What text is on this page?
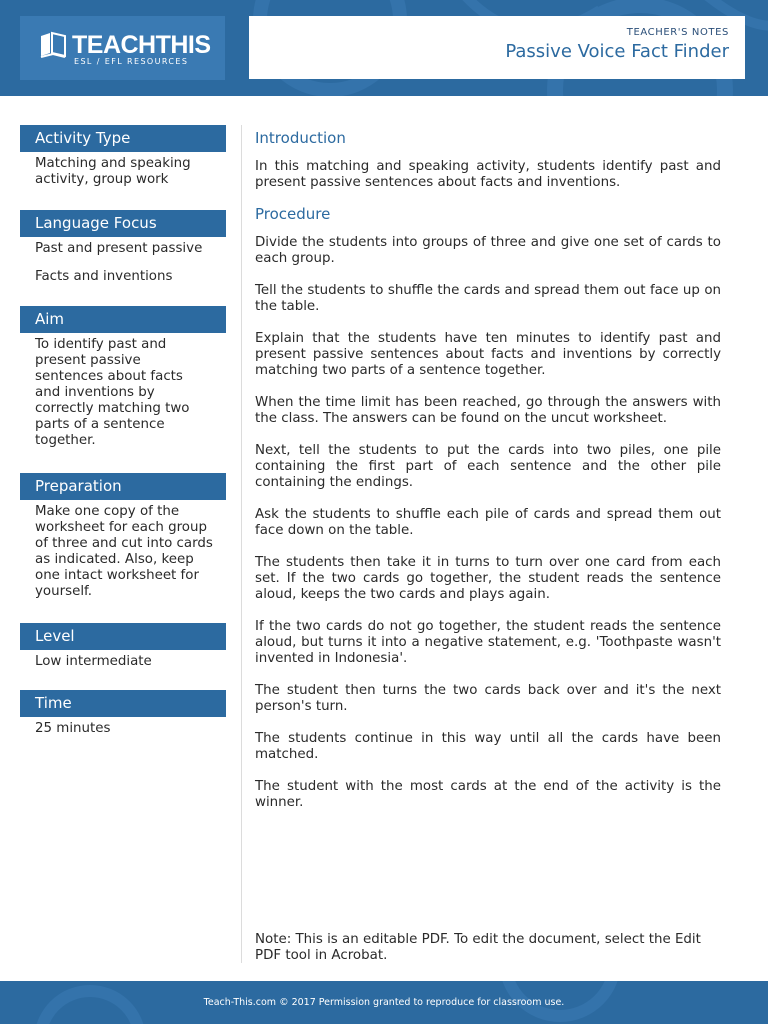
TEACHTHIS
ESL / EFL RESOURCES
TEACHER'S NOTES
Passive Voice Fact Finder
Activity Type
Matching and speaking activity, group work
Language Focus
Past and present passive
Facts and inventions
Aim
To identify past and present passive sentences about facts and inventions by correctly matching two parts of a sentence together.
Preparation
Make one copy of the worksheet for each group of three and cut into cards as indicated. Also, keep one intact worksheet for yourself.
Level
Low intermediate
Time
25 minutes
Introduction

In this matching and speaking activity, students identify past and present passive sentences about facts and inventions.

Procedure

Divide the students into groups of three and give one set of cards to each group.

Tell the students to shuffle the cards and spread them out face up on the table.

Explain that the students have ten minutes to identify past and present passive sentences about facts and inventions by correctly matching two parts of a sentence together.

When the time limit has been reached, go through the answers with the class. The answers can be found on the uncut worksheet.

Next, tell the students to put the cards into two piles, one pile containing the first part of each sentence and the other pile containing the endings.

Ask the students to shuffle each pile of cards and spread them out face down on the table.

The students then take it in turns to turn over one card from each set. If the two cards go together, the student reads the sentence aloud, keeps the two cards and plays again.

If the two cards do not go together, the student reads the sentence aloud, but turns it into a negative statement, e.g. 'Toothpaste wasn't invented in Indonesia'.

The student then turns the two cards back over and it's the next person's turn.

The students continue in this way until all the cards have been matched.

The student with the most cards at the end of the activity is the winner.

Note: This is an editable PDF. To edit the document, select the Edit PDF tool in Acrobat.
Teach-This.com © 2017 Permission granted to reproduce for classroom use.
